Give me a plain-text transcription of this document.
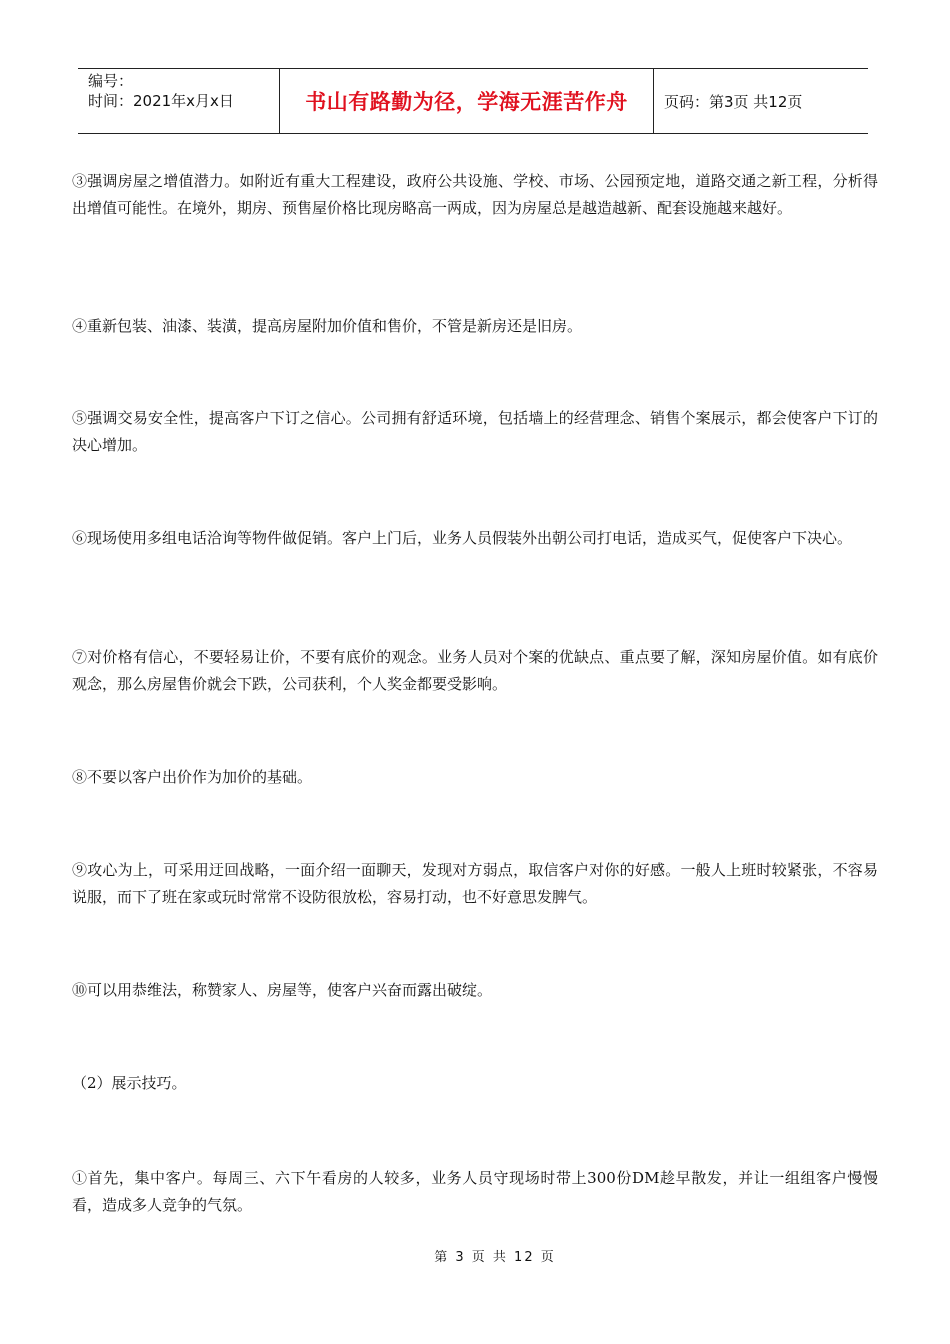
编号：
时间：2021年x月x日	书山有路勤为径，学海无涯苦作舟	页码：第3页 共12页

③强调房屋之增值潜力。如附近有重大工程建设，政府公共设施、学校、市场、公园预定地，道路交通之新工程，分析得出增值可能性。在境外，期房、预售屋价格比现房略高一两成，因为房屋总是越造越新、配套设施越来越好。

④重新包装、油漆、装潢，提高房屋附加价值和售价，不管是新房还是旧房。

⑤强调交易安全性，提高客户下订之信心。公司拥有舒适环境，包括墙上的经营理念、销售个案展示，都会使客户下订的决心增加。

⑥现场使用多组电话洽询等物件做促销。客户上门后，业务人员假装外出朝公司打电话，造成买气，促使客户下决心。

⑦对价格有信心，不要轻易让价，不要有底价的观念。业务人员对个案的优缺点、重点要了解，深知房屋价值。如有底价观念，那么房屋售价就会下跌，公司获利，个人奖金都要受影响。

⑧不要以客户出价作为加价的基础。

⑨攻心为上，可采用迂回战略，一面介绍一面聊天，发现对方弱点，取信客户对你的好感。一般人上班时较紧张，不容易说服，而下了班在家或玩时常常不设防很放松，容易打动，也不好意思发脾气。

⑩可以用恭维法，称赞家人、房屋等，使客户兴奋而露出破绽。

（2）展示技巧。

①首先，集中客户。每周三、六下午看房的人较多，业务人员守现场时带上300份DM趁早散发，并让一组组客户慢慢看，造成多人竞争的气氛。

第 3 页 共 12 页
